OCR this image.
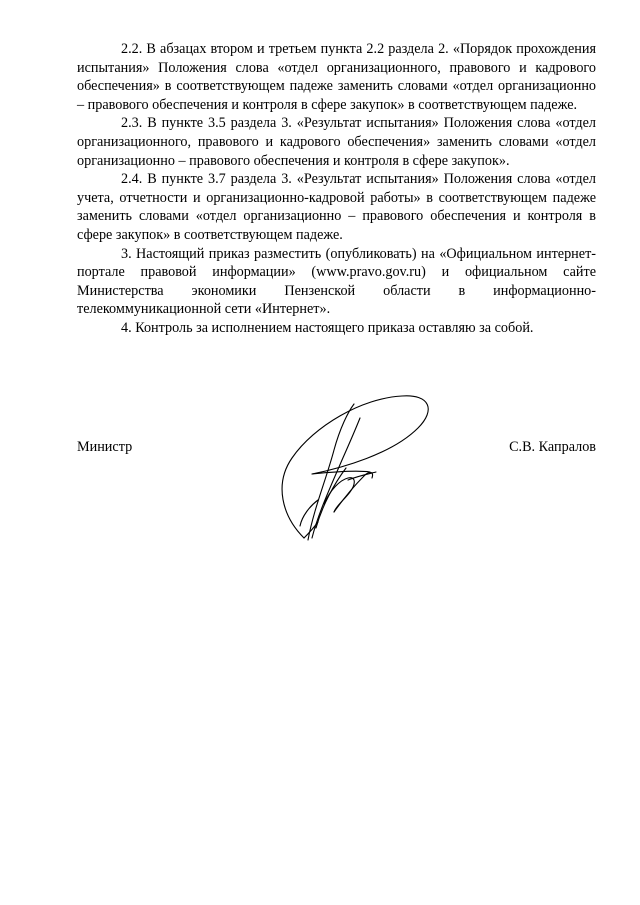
2.2. В абзацах втором и третьем пункта 2.2 раздела 2. «Порядок прохождения испытания» Положения слова «отдел организационного, правового и кадрового обеспечения» в соответствующем падеже заменить словами «отдел организационно – правового обеспечения и контроля в сфере закупок» в соответствующем падеже.

2.3. В пункте 3.5 раздела 3. «Результат испытания» Положения слова «отдел организационного, правового и кадрового обеспечения» заменить словами «отдел организационно – правового обеспечения и контроля в сфере закупок».

2.4. В пункте 3.7 раздела 3. «Результат испытания» Положения слова «отдел учета, отчетности и организационно-кадровой работы» в соответствующем падеже заменить словами «отдел организационно – правового обеспечения и контроля в сфере закупок» в соответствующем падеже.

3. Настоящий приказ разместить (опубликовать) на «Официальном интернет-портале правовой информации» (www.pravo.gov.ru) и официальном сайте Министерства экономики Пензенской области в информационно-телекоммуникационной сети «Интернет».

4. Контроль за исполнением настоящего приказа оставляю за собой.

Министр	С.В. Капралов
